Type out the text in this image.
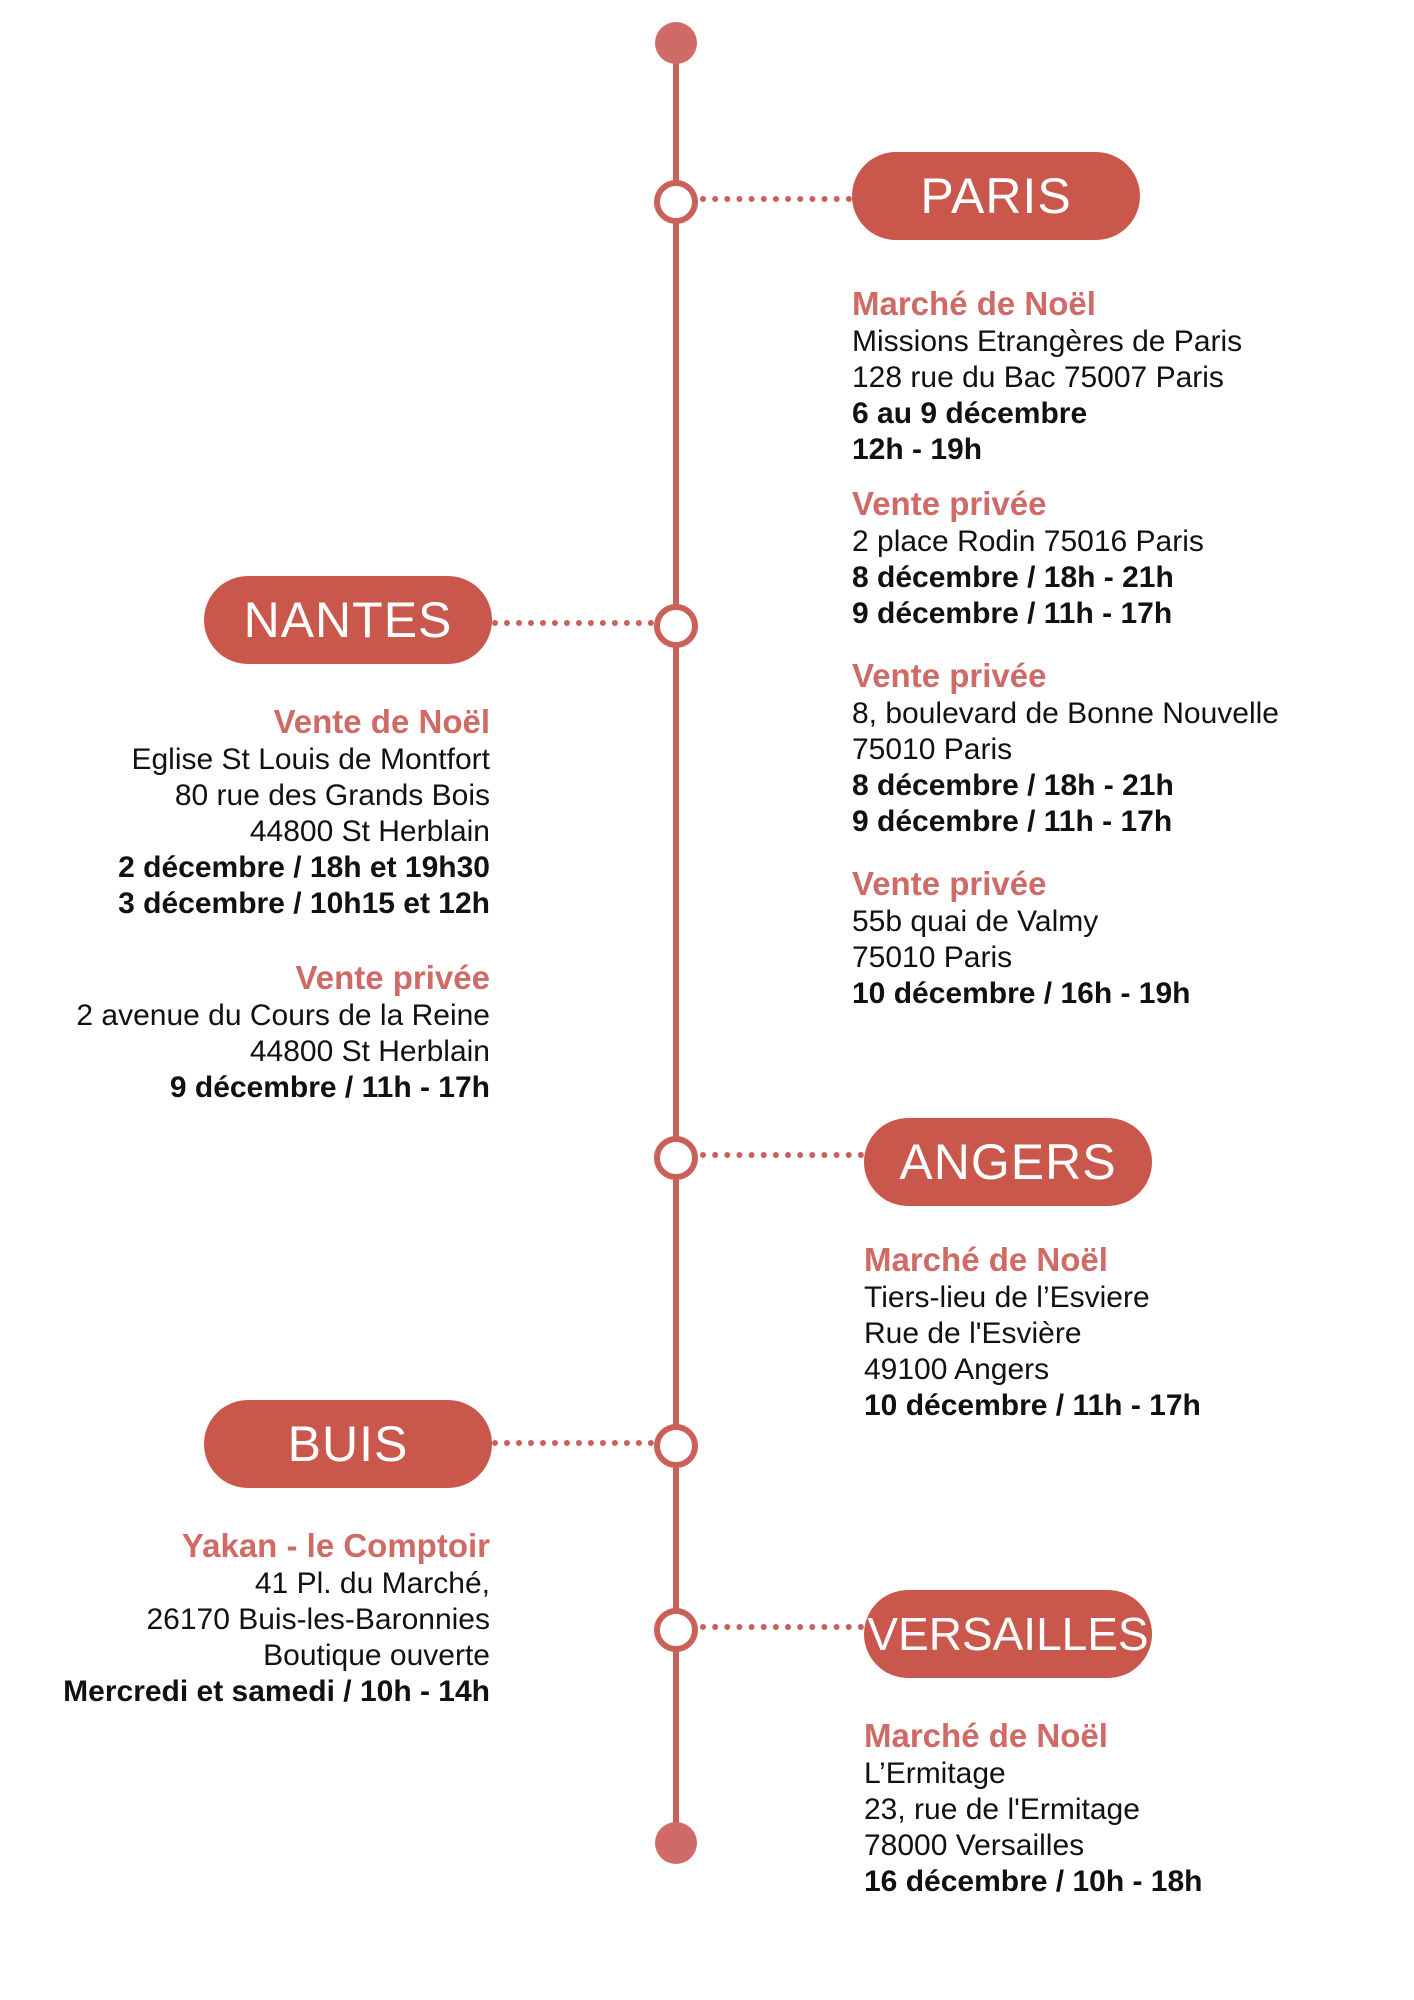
PARIS

Marché de Noël

Missions Etrangères de Paris

128 rue du Bac 75007 Paris

6 au 9 décembre

12h - 19h

Vente privée

2 place Rodin 75016 Paris

8 décembre / 18h - 21h

9 décembre / 11h - 17h

Vente privée

8, boulevard de Bonne Nouvelle

75010 Paris

8 décembre / 18h - 21h

9 décembre / 11h - 17h

Vente privée

55b quai de Valmy

75010 Paris

10 décembre / 16h - 19h

NANTES

Vente de Noël

Eglise St Louis de Montfort

80 rue des Grands Bois

44800 St Herblain

2 décembre / 18h et 19h30

3 décembre / 10h15 et 12h

Vente privée

2 avenue du Cours de la Reine

44800 St Herblain

9 décembre / 11h - 17h

ANGERS

Marché de Noël

Tiers-lieu de l’Esviere

Rue de l'Esvière

49100 Angers

10 décembre / 11h - 17h

BUIS

Yakan - le Comptoir

41 Pl. du Marché,

26170 Buis-les-Baronnies

Boutique ouverte

Mercredi et samedi / 10h - 14h

VERSAILLES

Marché de Noël

L’Ermitage

23, rue de l'Ermitage

78000 Versailles

16 décembre / 10h - 18h
